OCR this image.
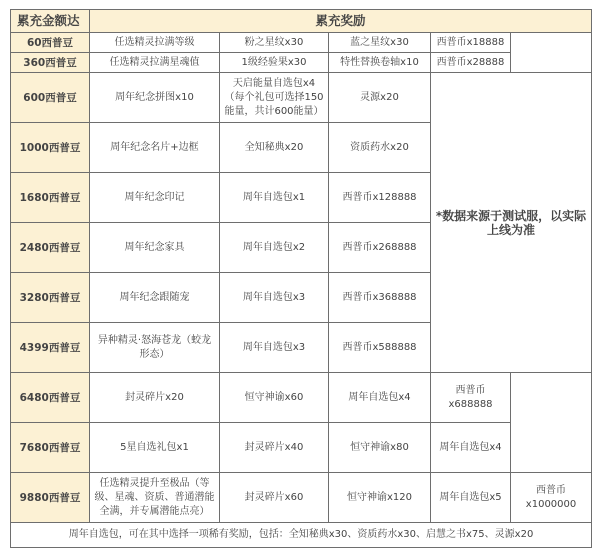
累充金额达	累充奖励				
60西普豆	任选精灵拉满等级	粉之星纹x30	蓝之星纹x30	西普币x18888	
360西普豆	任选精灵拉满星魂值	1级经验果x30	特性替换卷轴x10	西普币x28888	
600西普豆	周年纪念拼图x10	天启能量自选包x4（每个礼包可选择150能量，共计600能量）	灵源x20	*数据来源于测试服，以实际上线为准	
1000西普豆	周年纪念名片+边框	全知秘典x20	资质药水x20		
1680西普豆	周年纪念印记	周年自选包x1	西普币x128888		
2480西普豆	周年纪念家具	周年自选包x2	西普币x268888		
3280西普豆	周年纪念跟随宠	周年自选包x3	西普币x368888		
4399西普豆	异种精灵·怒海苍龙（蛟龙形态）	周年自选包x3	西普币x588888		
6480西普豆	封灵碎片x20	恒守神谕x60	周年自选包x4	西普币x688888	
7680西普豆	5星自选礼包x1	封灵碎片x40	恒守神谕x80	周年自选包x4	
9880西普豆	任选精灵提升至极品（等级、星魂、资质、普通潜能全满，并专属潜能点亮）	封灵碎片x60	恒守神谕x120	周年自选包x5	西普币x1000000
周年自选包，可在其中选择一项稀有奖励，包括：全知秘典x30、资质药水x30、启慧之书x75、灵源x20					
